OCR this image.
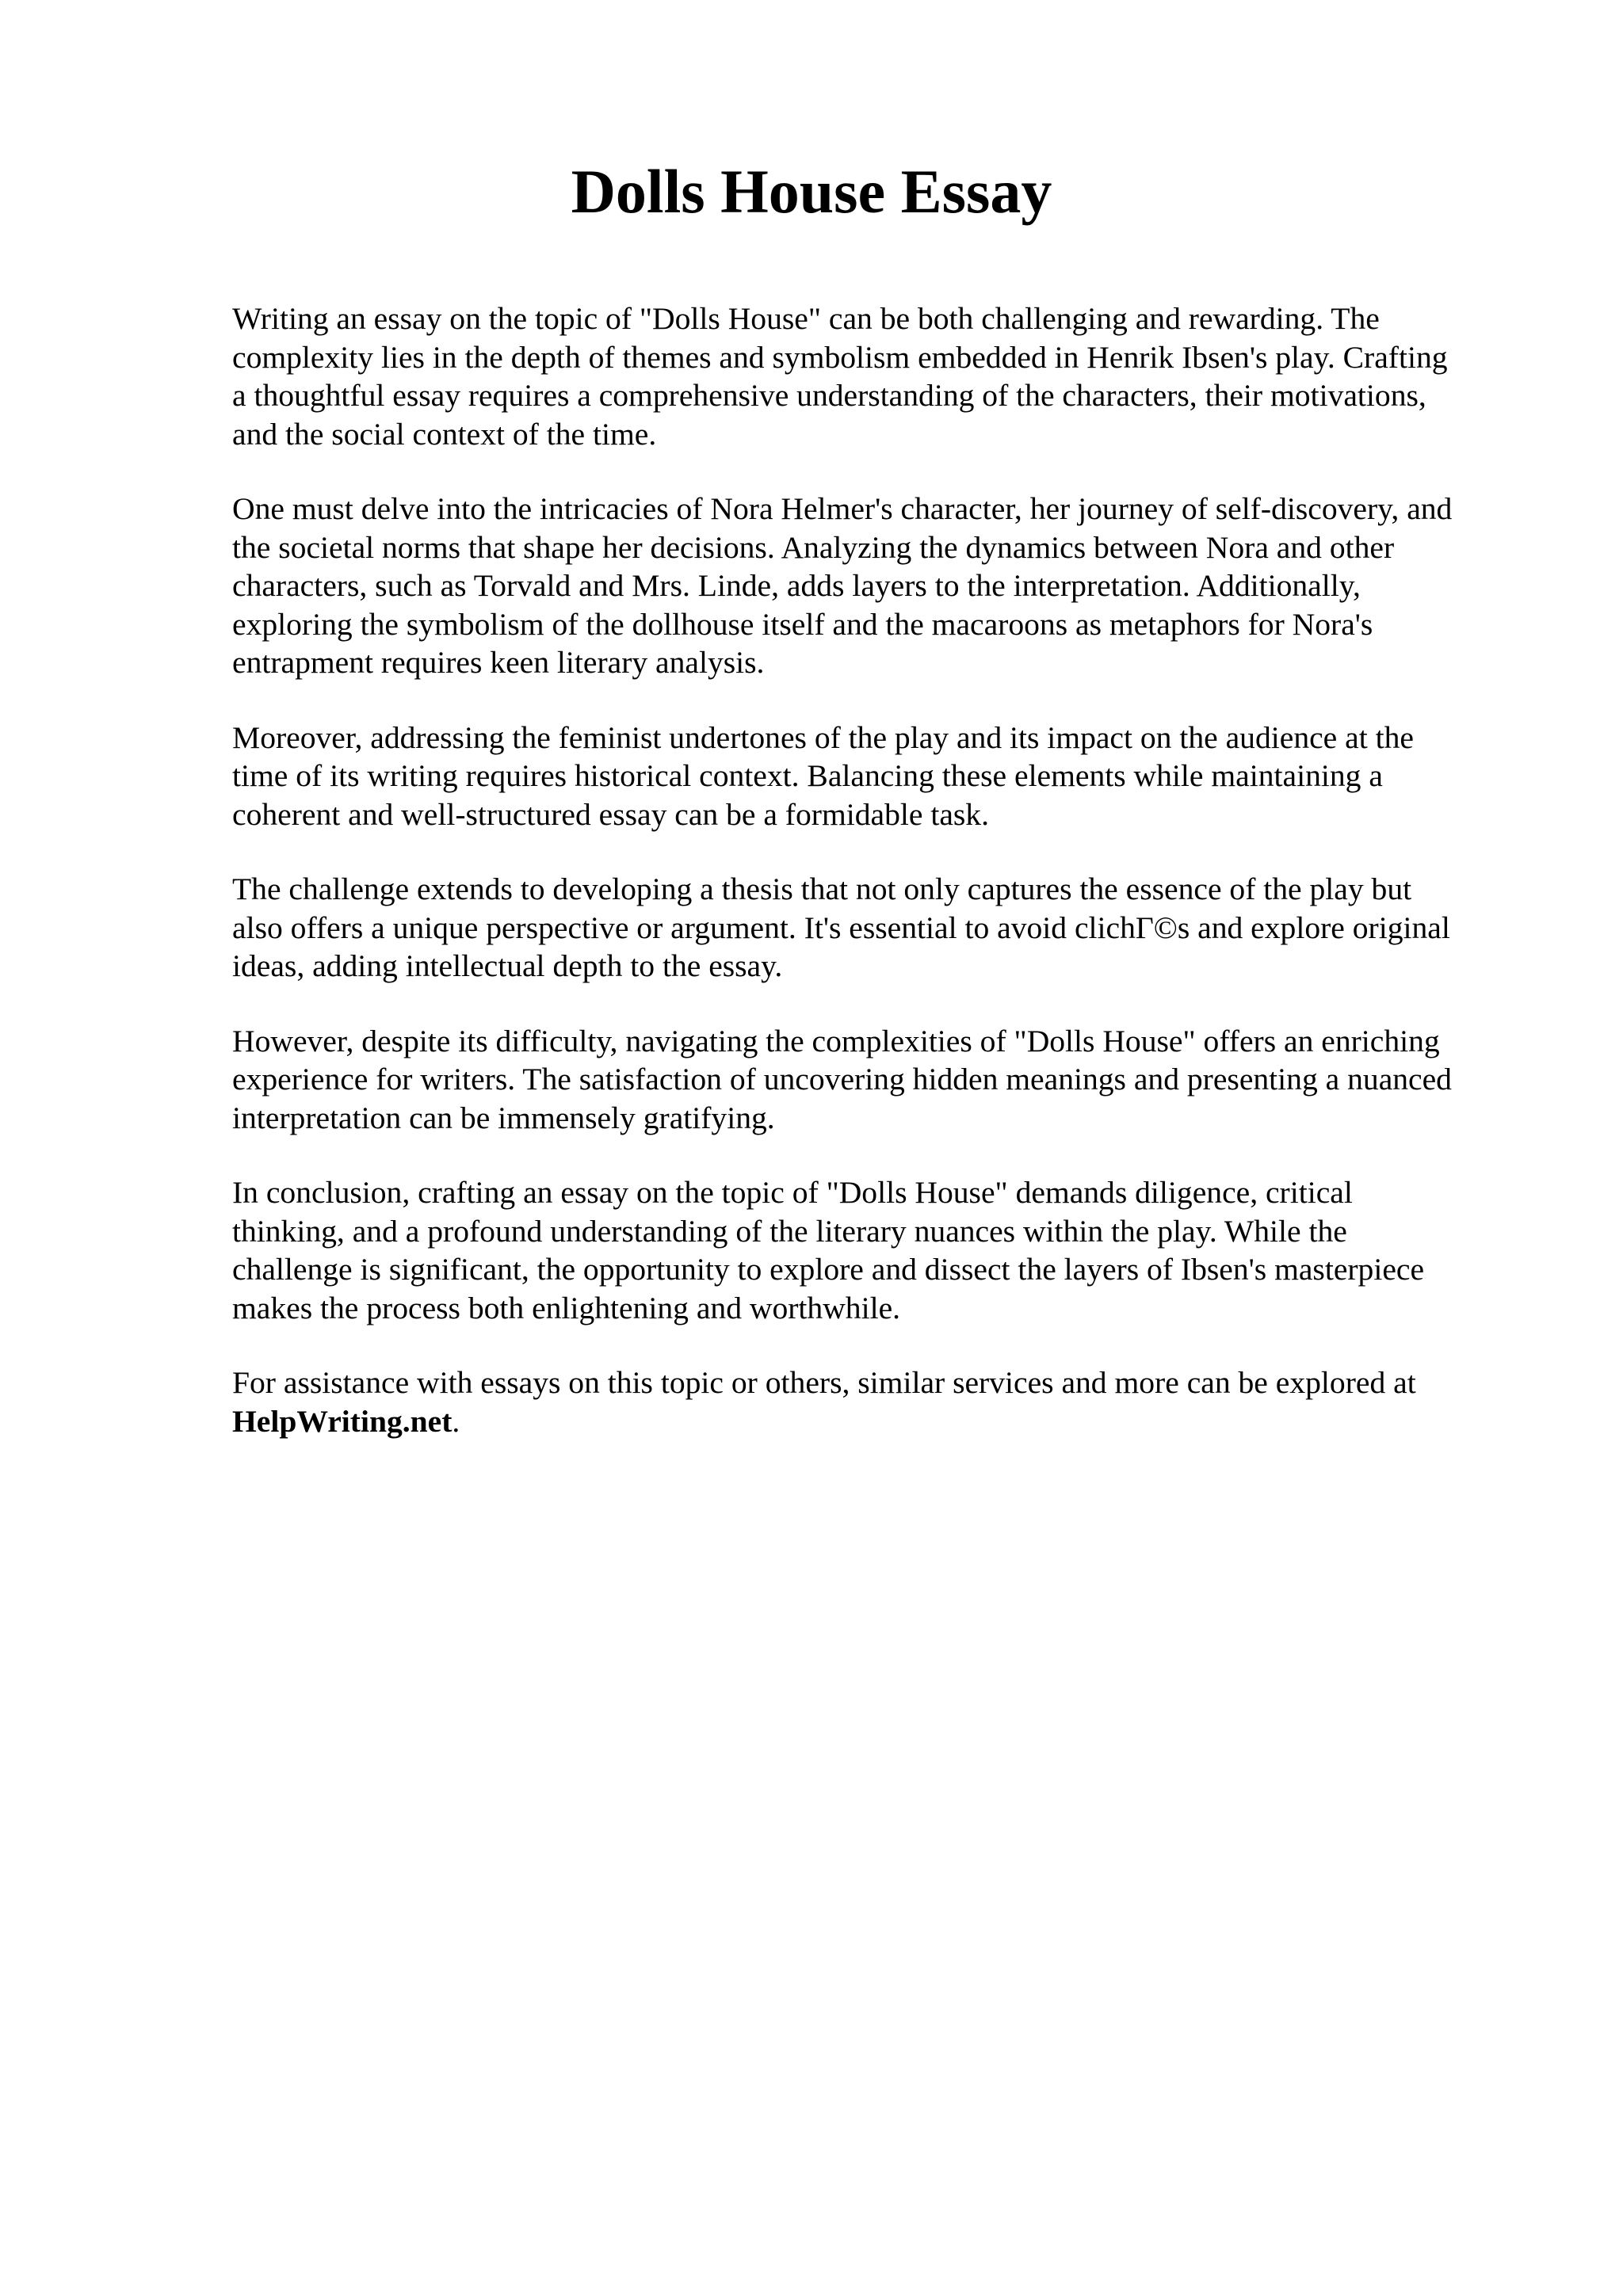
Dolls House Essay

Writing an essay on the topic of "Dolls House" can be both challenging and rewarding. The
complexity lies in the depth of themes and symbolism embedded in Henrik Ibsen's play. Crafting
a thoughtful essay requires a comprehensive understanding of the characters, their motivations,
and the social context of the time.

One must delve into the intricacies of Nora Helmer's character, her journey of self-discovery, and
the societal norms that shape her decisions. Analyzing the dynamics between Nora and other
characters, such as Torvald and Mrs. Linde, adds layers to the interpretation. Additionally,
exploring the symbolism of the dollhouse itself and the macaroons as metaphors for Nora's
entrapment requires keen literary analysis.

Moreover, addressing the feminist undertones of the play and its impact on the audience at the
time of its writing requires historical context. Balancing these elements while maintaining a
coherent and well-structured essay can be a formidable task.

The challenge extends to developing a thesis that not only captures the essence of the play but
also offers a unique perspective or argument. It's essential to avoid clichΓ©s and explore original
ideas, adding intellectual depth to the essay.

However, despite its difficulty, navigating the complexities of "Dolls House" offers an enriching
experience for writers. The satisfaction of uncovering hidden meanings and presenting a nuanced
interpretation can be immensely gratifying.

In conclusion, crafting an essay on the topic of "Dolls House" demands diligence, critical
thinking, and a profound understanding of the literary nuances within the play. While the
challenge is significant, the opportunity to explore and dissect the layers of Ibsen's masterpiece
makes the process both enlightening and worthwhile.

For assistance with essays on this topic or others, similar services and more can be explored at
HelpWriting.net.
